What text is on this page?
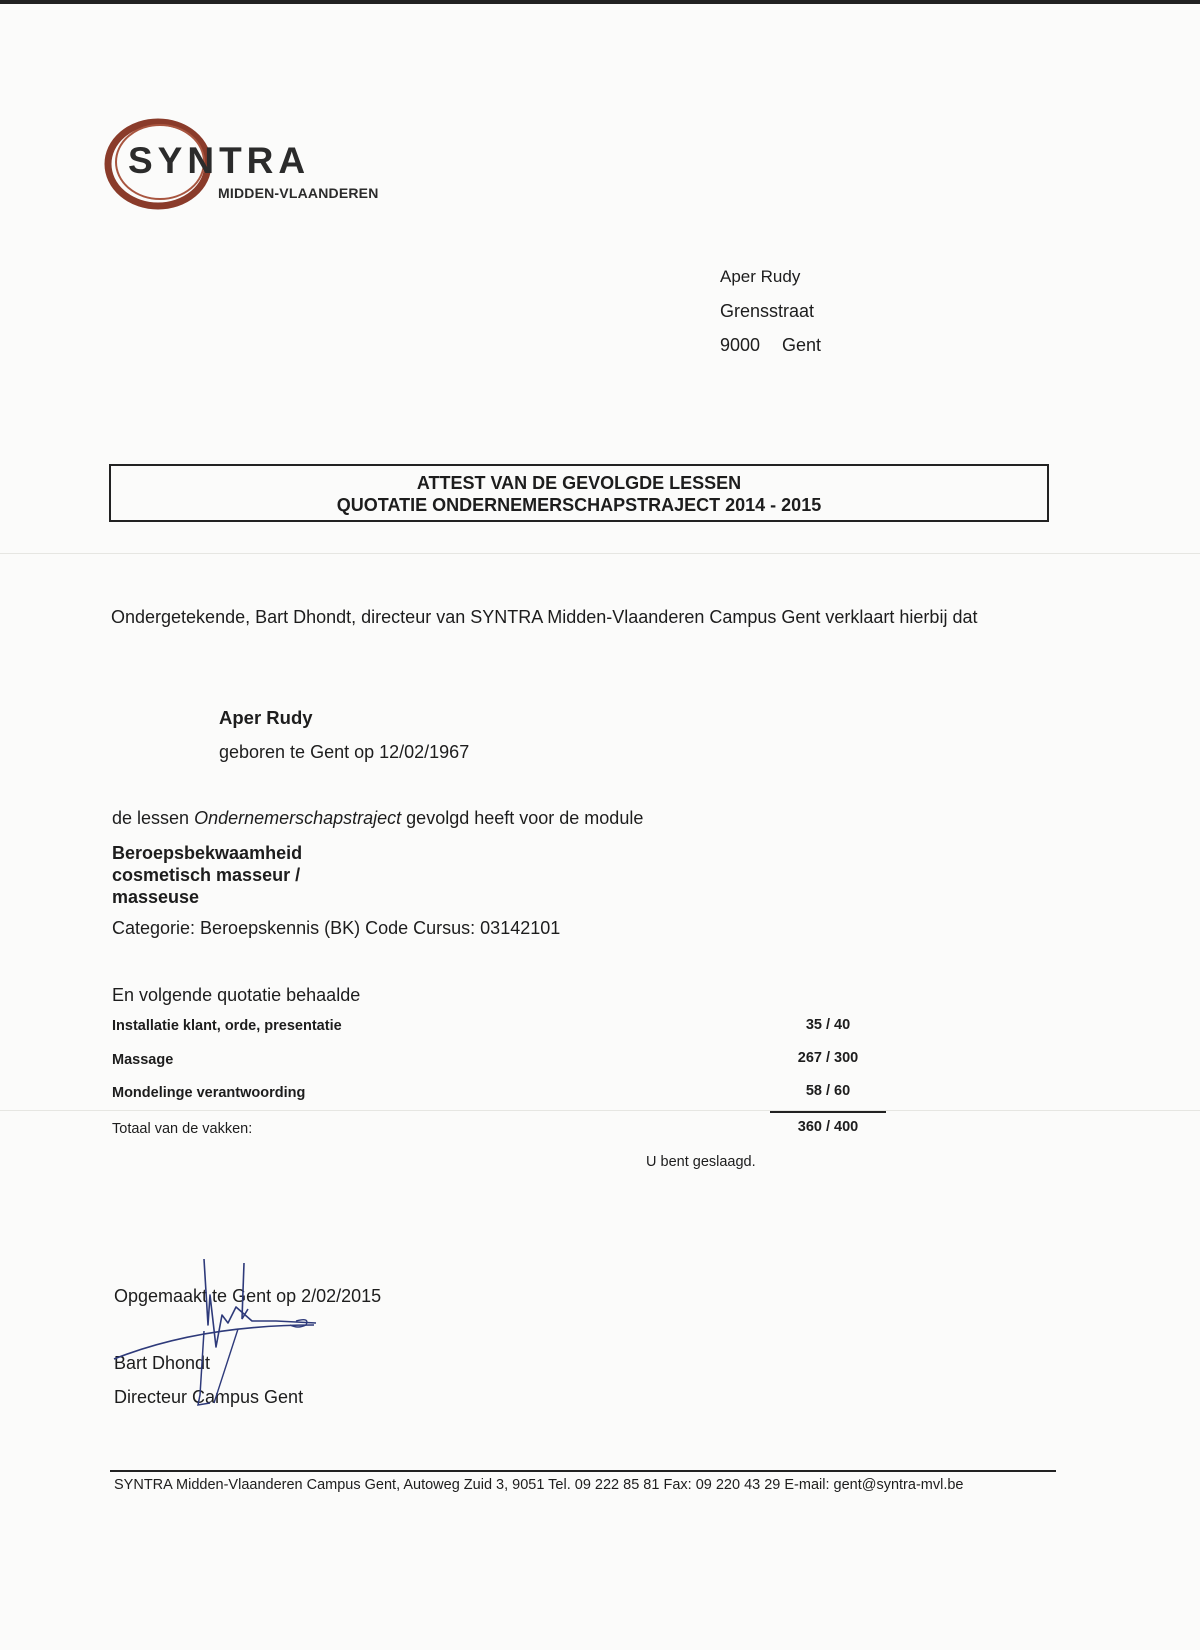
SYNTRA
MIDDEN-VLAANDEREN
Aper Rudy
Grensstraat
9000 Gent
ATTEST VAN DE GEVOLGDE LESSEN
QUOTATIE ONDERNEMERSCHAPSTRAJECT 2014 - 2015
Ondergetekende, Bart Dhondt, directeur van SYNTRA Midden-Vlaanderen Campus Gent verklaart hierbij dat
Aper Rudy
geboren te Gent op 12/02/1967
de lessen Ondernemerschapstraject gevolgd heeft voor de module
Beroepsbekwaamheid
cosmetisch masseur /
masseuse
Categorie: Beroepskennis (BK) Code Cursus: 03142101
En volgende quotatie behaalde
Installatie klant, orde, presentatie	35 / 40
Massage	267 / 300
Mondelinge verantwoording	58 / 60
Totaal van de vakken:	360 / 400
U bent geslaagd.
Opgemaakt te Gent op 2/02/2015
Bart Dhondt
Directeur Campus Gent
SYNTRA Midden-Vlaanderen Campus Gent, Autoweg Zuid 3, 9051 Tel. 09 222 85 81 Fax: 09 220 43 29 E-mail: gent@syntra-mvl.be
